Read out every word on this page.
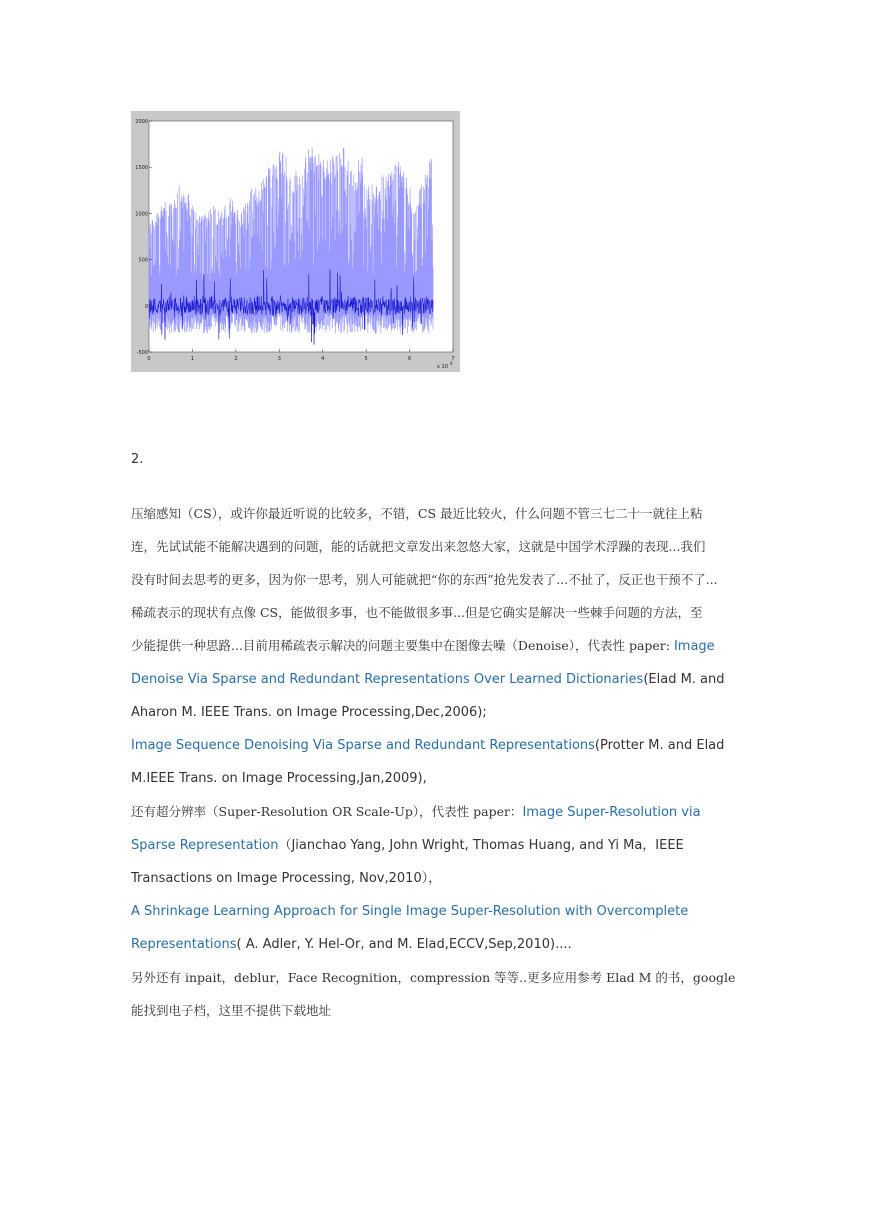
0	1	2	3	4	5	6	7
2000
1500
1000
500
0
-500
x 10
4
2.

压缩感知（CS），或许你最近听说的比较多，不错，CS 最近比较火，什么问题不管三七二十一就往上粘

连，先试试能不能解决遇到的问题，能的话就把文章发出来忽悠大家，这就是中国学术浮躁的表现...我们

没有时间去思考的更多，因为你一思考，别人可能就把“你的东西”抢先发表了...不扯了，反正也干预不了...

稀疏表示的现状有点像 CS，能做很多事，也不能做很多事...但是它确实是解决一些棘手问题的方法，至

少能提供一种思路...目前用稀疏表示解决的问题主要集中在图像去噪（Denoise），代表性 paper: Image

Denoise Via Sparse and Redundant Representations Over Learned Dictionaries(Elad M. and

Aharon M. IEEE Trans. on Image Processing,Dec,2006);

Image Sequence Denoising Via Sparse and Redundant Representations(Protter M. and Elad

M.IEEE Trans. on Image Processing,Jan,2009),

还有超分辨率（Super-Resolution OR Scale-Up），代表性 paper：Image Super-Resolution via

Sparse Representation（Jianchao Yang, John Wright, Thomas Huang, and Yi Ma，IEEE

Transactions on Image Processing, Nov,2010），

A Shrinkage Learning Approach for Single Image Super-Resolution with Overcomplete

Representations( A. Adler, Y. Hel-Or, and M. Elad,ECCV,Sep,2010)....

另外还有 inpait，deblur，Face Recognition，compression 等等..更多应用参考 Elad M 的书，google

能找到电子档，这里不提供下载地址
